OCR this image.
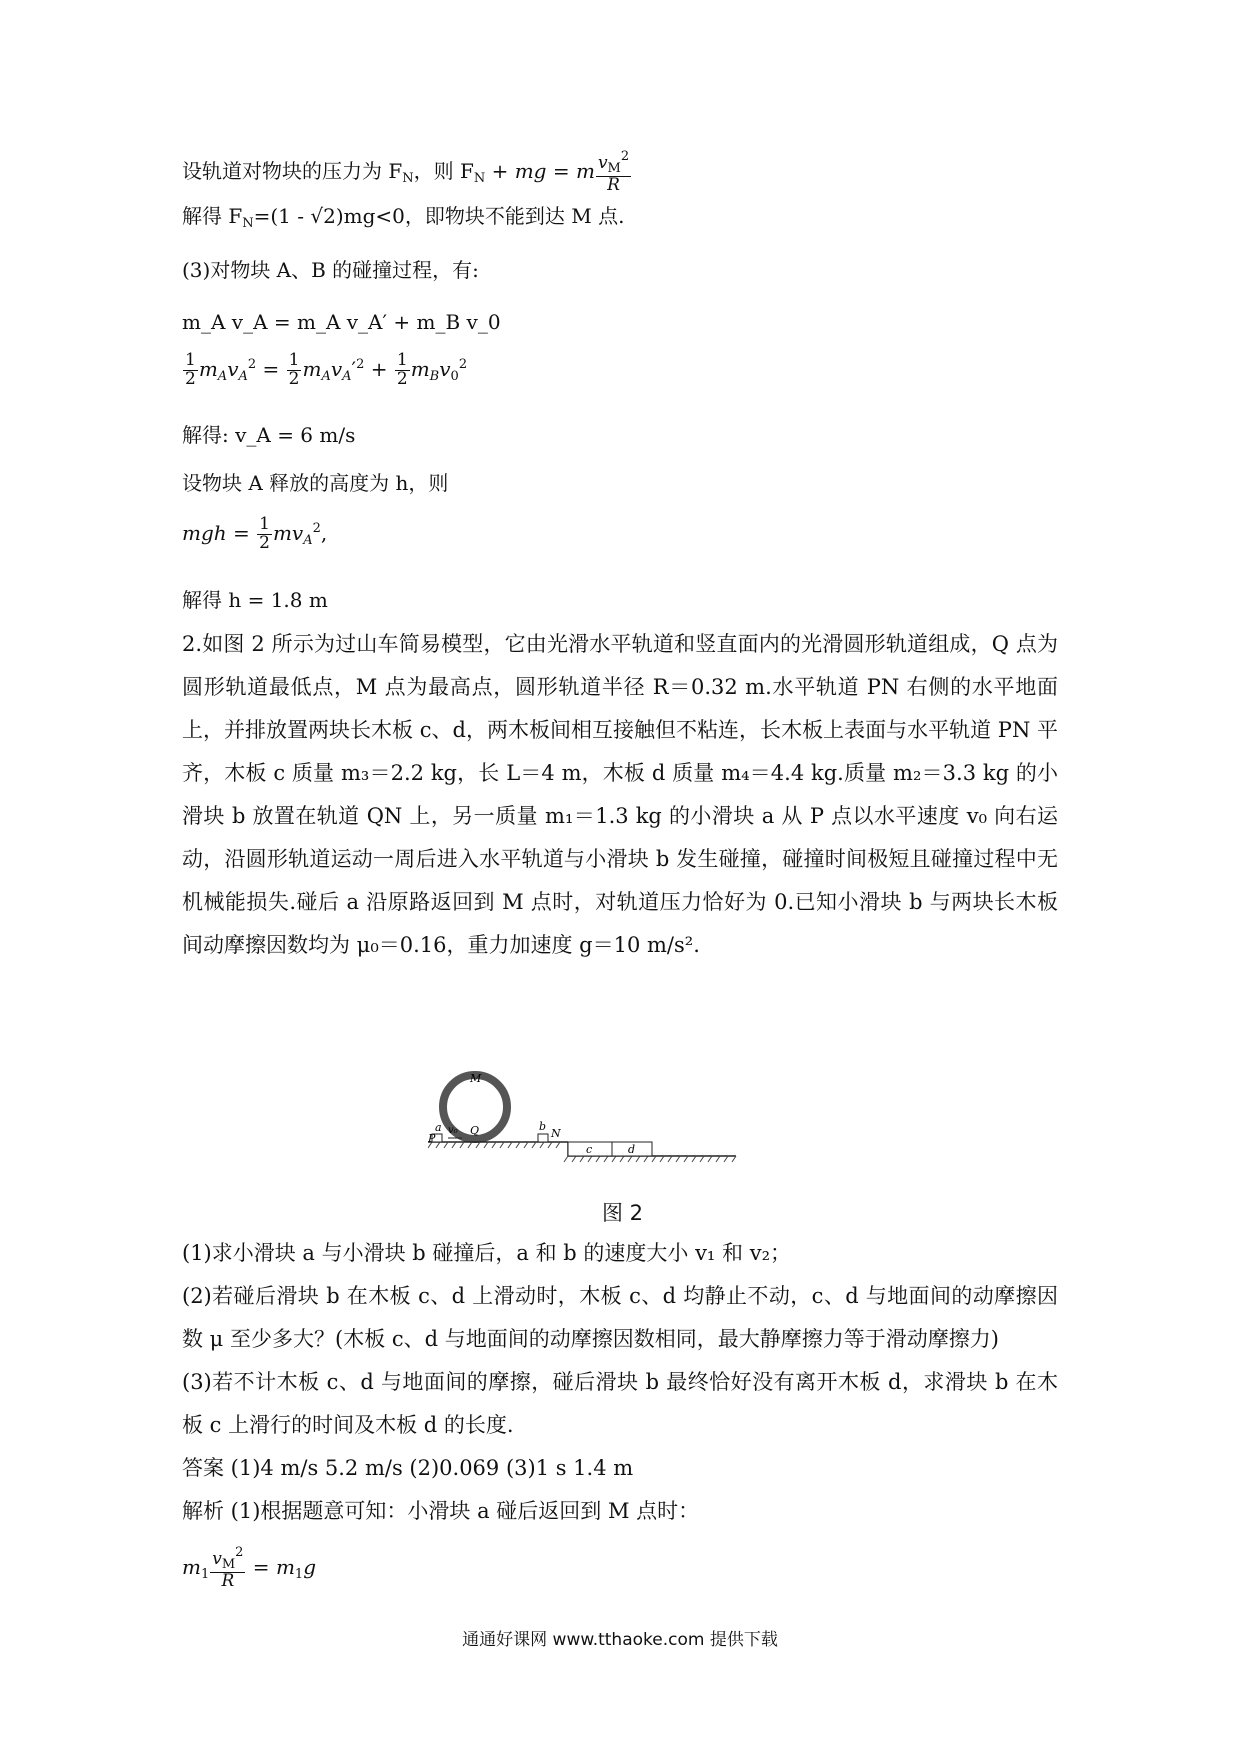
设轨道对物块的压力为 $F_N$，则 $F_N$ + mg = m $\frac{v_M^2}{R}$
解得 $F_N=(1 - √2)mg<0$，即物块不能到达 M 点.
(3)对物块 A、B 的碰撞过程，有:
m_A v_A = m_A v_A′ + m_B v_0
$\frac{1}{2} m_Av_A^2 = \frac{1}{2} m_Av_A'^2 + \frac{1}{2} m_Bv_0^2$
解得: v_A = 6 m/s
设物块 A 释放的高度为 h，则
mgh = $\frac{1}{2} mv_A^2$,
解得 h = 1.8 m
2.如图 2 所示为过山车简易模型，它由光滑水平轨道和竖直面内的光滑圆形轨道组成，Q 点为圆形轨道最低点，M 点为最高点，圆形轨道半径 R＝0.32 m.水平轨道 PN 右侧的水平地面上，并排放置两块长木板 c、d，两木板间相互接触但不粘连，长木板上表面与水平轨道 PN 平齐，木板 c 质量 m₃＝2.2 kg，长 L＝4 m，木板 d 质量 m₄＝4.4 kg.质量 m₂＝3.3 kg 的小滑块 b 放置在轨道 QN 上，另一质量 m₁＝1.3 kg 的小滑块 a 从 P 点以水平速度 v₀ 向右运动，沿圆形轨道运动一周后进入水平轨道与小滑块 b 发生碰撞，碰撞时间极短且碰撞过程中无机械能损失.碰后 a 沿原路返回到 M 点时，对轨道压力恰好为 0.已知小滑块 b 与两块长木板间动摩擦因数均为 μ₀＝0.16，重力加速度 g＝10 m/s².
M
Q
P
a v₀	b
N
c	d
图 2
(1)求小滑块 a 与小滑块 b 碰撞后，a 和 b 的速度大小 v₁ 和 v₂；
(2)若碰后滑块 b 在木板 c、d 上滑动时，木板 c、d 均静止不动，c、d 与地面间的动摩擦因数 μ 至少多大？(木板 c、d 与地面间的动摩擦因数相同，最大静摩擦力等于滑动摩擦力)
(3)若不计木板 c、d 与地面间的摩擦，碰后滑块 b 最终恰好没有离开木板 d，求滑块 b 在木板 c 上滑行的时间及木板 d 的长度.
答案 (1)4 m/s 5.2 m/s (2)0.069 (3)1 s 1.4 m
解析 (1)根据题意可知：小滑块 a 碰后返回到 M 点时：
$m_1 \frac{v_M^2}{R} = m_1g$
通通好课网 www.tthaoke.com 提供下载
